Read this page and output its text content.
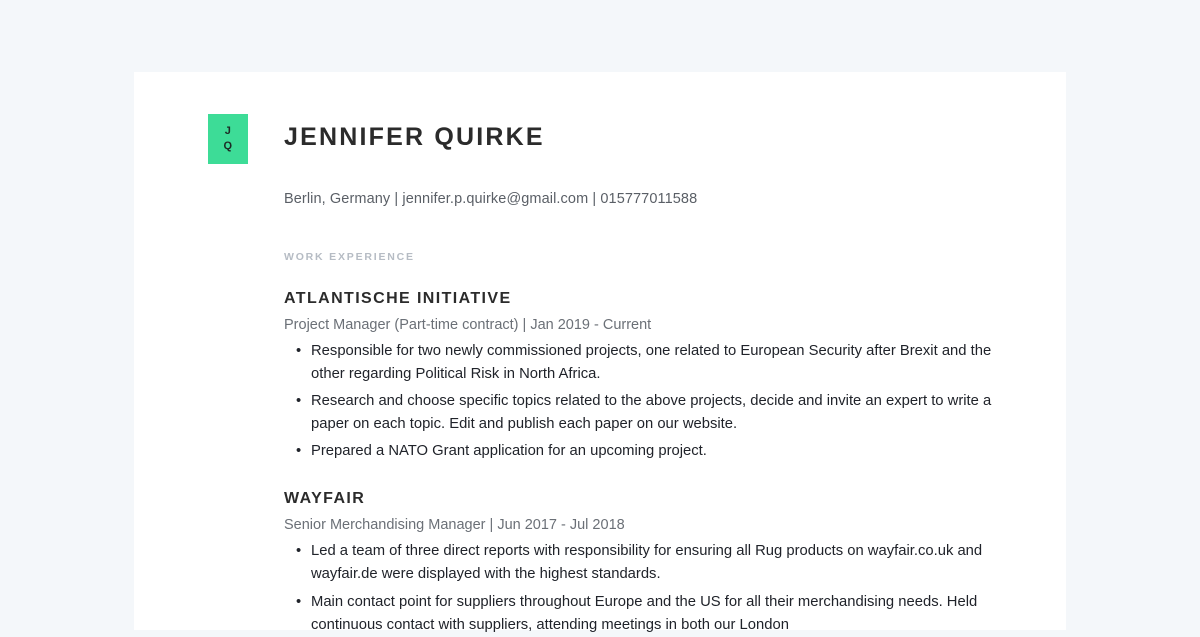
J
Q JENNIFER QUIRKE
Berlin, Germany | jennifer.p.quirke@gmail.com | 015777011588
WORK EXPERIENCE
ATLANTISCHE INITIATIVE
Project Manager (Part-time contract) | Jan 2019 - Current
• Responsible for two newly commissioned projects, one related to European Security after Brexit and the other regarding Political Risk in North Africa.
• Research and choose specific topics related to the above projects, decide and invite an expert to write a paper on each topic. Edit and publish each paper on our website.
• Prepared a NATO Grant application for an upcoming project.
WAYFAIR
Senior Merchandising Manager | Jun 2017 - Jul 2018
• Led a team of three direct reports with responsibility for ensuring all Rug products on wayfair.co.uk and wayfair.de were displayed with the highest standards.
• Main contact point for suppliers throughout Europe and the US for all their merchandising needs. Held continuous contact with suppliers, attending meetings in both our London
